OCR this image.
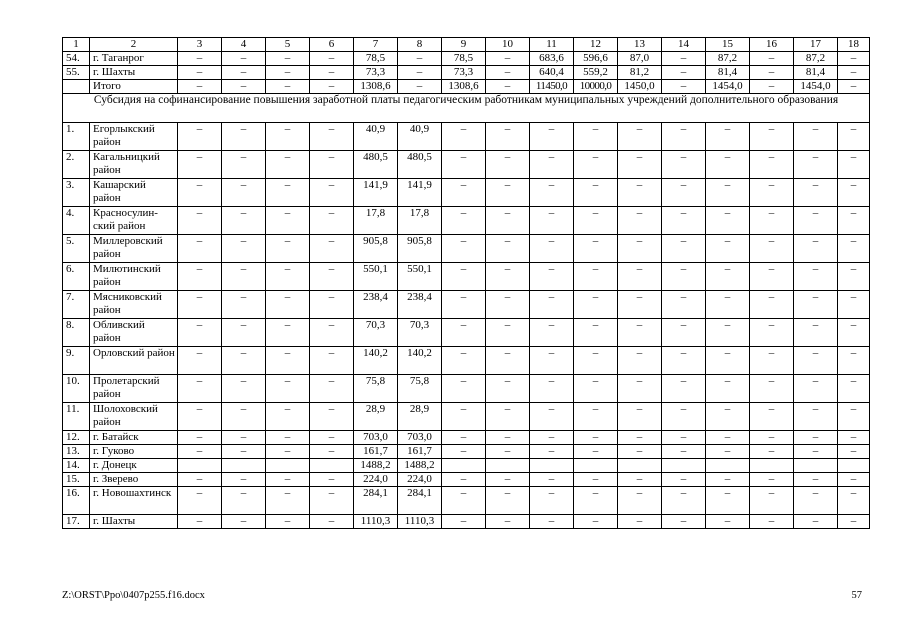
1	2	3	4	5	6	7	8	9	10	11	12	13	14	15	16	17	18
54.	г. Таганрог	–	–	–	–	78,5	–	78,5	–	683,6	596,6	87,0	–	87,2	–	87,2	–
55.	г. Шахты	–	–	–	–	73,3	–	73,3	–	640,4	559,2	81,2	–	81,4	–	81,4	–
	Итого	–	–	–	–	1308,6	–	1308,6	–	11450,0	10000,0	1450,0	–	1454,0	–	1454,0	–
Субсидия на софинансирование повышения заработной платы педагогическим работникам муниципальных учреждений дополнительного образования																	
1.	Егорлыкский район	–	–	–	–	40,9	40,9	–	–	–	–	–	–	–	–	–	–
2.	Кагальницкий район	–	–	–	–	480,5	480,5	–	–	–	–	–	–	–	–	–	–
3.	Кашарский район	–	–	–	–	141,9	141,9	–	–	–	–	–	–	–	–	–	–
4.	Красносулин-ский район	–	–	–	–	17,8	17,8	–	–	–	–	–	–	–	–	–	–
5.	Миллеровский район	–	–	–	–	905,8	905,8	–	–	–	–	–	–	–	–	–	–
6.	Милютинский район	–	–	–	–	550,1	550,1	–	–	–	–	–	–	–	–	–	–
7.	Мясниковский район	–	–	–	–	238,4	238,4	–	–	–	–	–	–	–	–	–	–
8.	Обливский район	–	–	–	–	70,3	70,3	–	–	–	–	–	–	–	–	–	–
9.	Орловский район	–	–	–	–	140,2	140,2	–	–	–	–	–	–	–	–	–	–
10.	Пролетарский район	–	–	–	–	75,8	75,8	–	–	–	–	–	–	–	–	–	–
11.	Шолоховский район	–	–	–	–	28,9	28,9	–	–	–	–	–	–	–	–	–	–
12.	г. Батайск	–	–	–	–	703,0	703,0	–	–	–	–	–	–	–	–	–	–
13.	г. Гуково	–	–	–	–	161,7	161,7	–	–	–	–	–	–	–	–	–	–
14.	г. Донецк					1488,2	1488,2										
15.	г. Зверево	–	–	–	–	224,0	224,0	–	–	–	–	–	–	–	–	–	–
16.	г. Новошахтинск	–	–	–	–	284,1	284,1	–	–	–	–	–	–	–	–	–	–
17.	г. Шахты	–	–	–	–	1110,3	1110,3	–	–	–	–	–	–	–	–	–	–
Z:\ORST\Ppo\0407p255.f16.docx	57
